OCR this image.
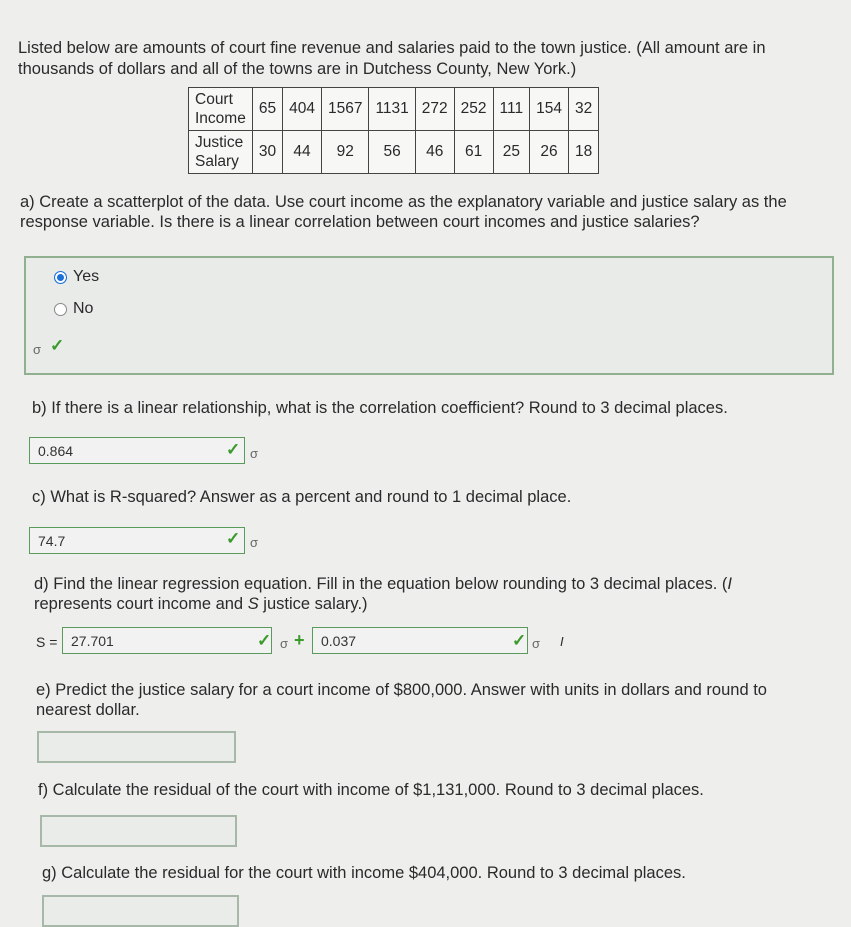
Listed below are amounts of court fine revenue and salaries paid to the town justice. (All amount are in thousands of dollars and all of the towns are in Dutchess County, New York.)
Court
Income	65	404	1567	1131	272	252	111	154	32
Justice
Salary	30	44	92	56	46	61	25	26	18
a) Create a scatterplot of the data. Use court income as the explanatory variable and justice salary as the response variable. Is there is a linear correlation between court incomes and justice salaries?
Yes
No
σ ✓
b) If there is a linear relationship, what is the correlation coefficient? Round to 3 decimal places.
0.864	✓ σ
c) What is R-squared? Answer as a percent and round to 1 decimal place.
74.7	✓ σ
d) Find the linear regression equation. Fill in the equation below rounding to 3 decimal places. (I
represents court income and S justice salary.)
S = 27.701	✓ σ +	0.037	✓ σ I
e) Predict the justice salary for a court income of $800,000. Answer with units in dollars and round to nearest dollar.
f) Calculate the residual of the court with income of $1,131,000. Round to 3 decimal places.
g) Calculate the residual for the court with income $404,000. Round to 3 decimal places.
